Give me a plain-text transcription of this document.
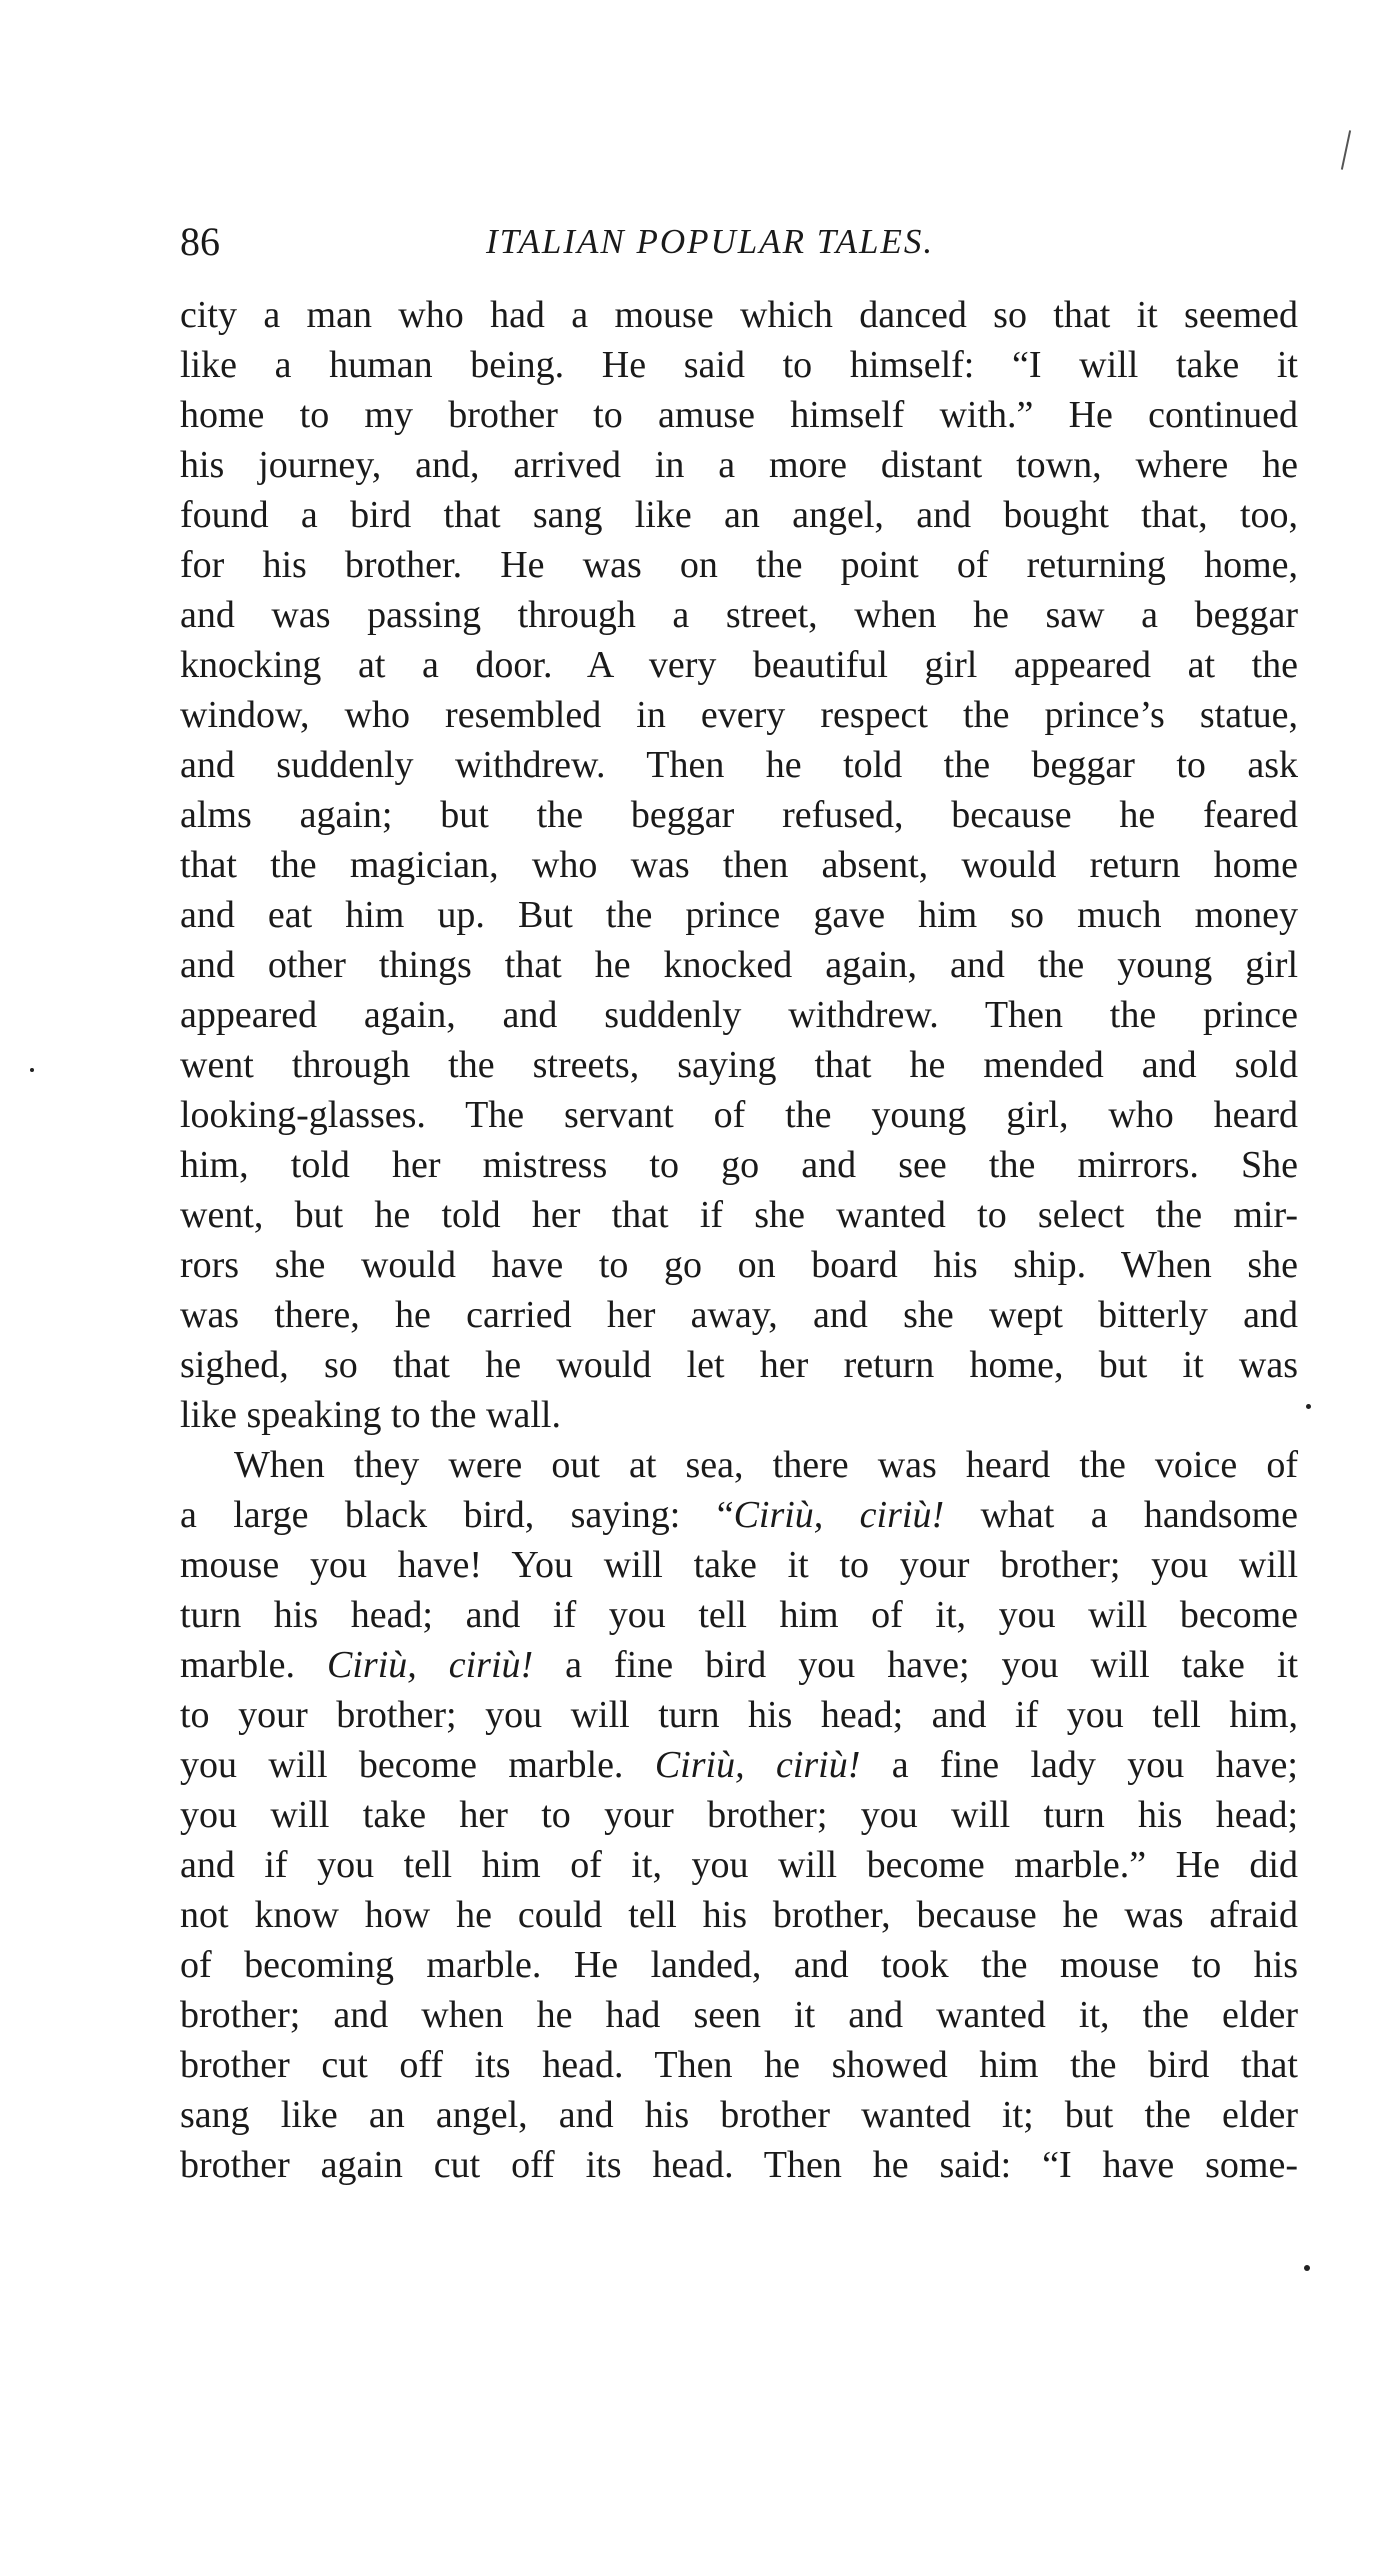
86	ITALIAN POPULAR TALES.
city a man who had a mouse which danced so that it seemed
like a human being. He said to himself: “I will take it
home to my brother to amuse himself with.” He continued
his journey, and, arrived in a more distant town, where he
found a bird that sang like an angel, and bought that, too,
for his brother. He was on the point of returning home,
and was passing through a street, when he saw a beggar
knocking at a door. A very beautiful girl appeared at the
window, who resembled in every respect the prince’s statue,
and suddenly withdrew. Then he told the beggar to ask
alms again; but the beggar refused, because he feared
that the magician, who was then absent, would return home
and eat him up. But the prince gave him so much money
and other things that he knocked again, and the young girl
appeared again, and suddenly withdrew. Then the prince
went through the streets, saying that he mended and sold
looking-glasses. The servant of the young girl, who heard
him, told her mistress to go and see the mirrors. She
went, but he told her that if she wanted to select the mir-
rors she would have to go on board his ship. When she
was there, he carried her away, and she wept bitterly and
sighed, so that he would let her return home, but it was
like speaking to the wall.
When they were out at sea, there was heard the voice of
a large black bird, saying: “Ciriù, ciriù! what a handsome
mouse you have! You will take it to your brother; you will
turn his head; and if you tell him of it, you will become
marble. Ciriù, ciriù! a fine bird you have; you will take it
to your brother; you will turn his head; and if you tell him,
you will become marble. Ciriù, ciriù! a fine lady you have;
you will take her to your brother; you will turn his head;
and if you tell him of it, you will become marble.” He did
not know how he could tell his brother, because he was afraid
of becoming marble. He landed, and took the mouse to his
brother; and when he had seen it and wanted it, the elder
brother cut off its head. Then he showed him the bird that
sang like an angel, and his brother wanted it; but the elder
brother again cut off its head. Then he said: “I have some-
